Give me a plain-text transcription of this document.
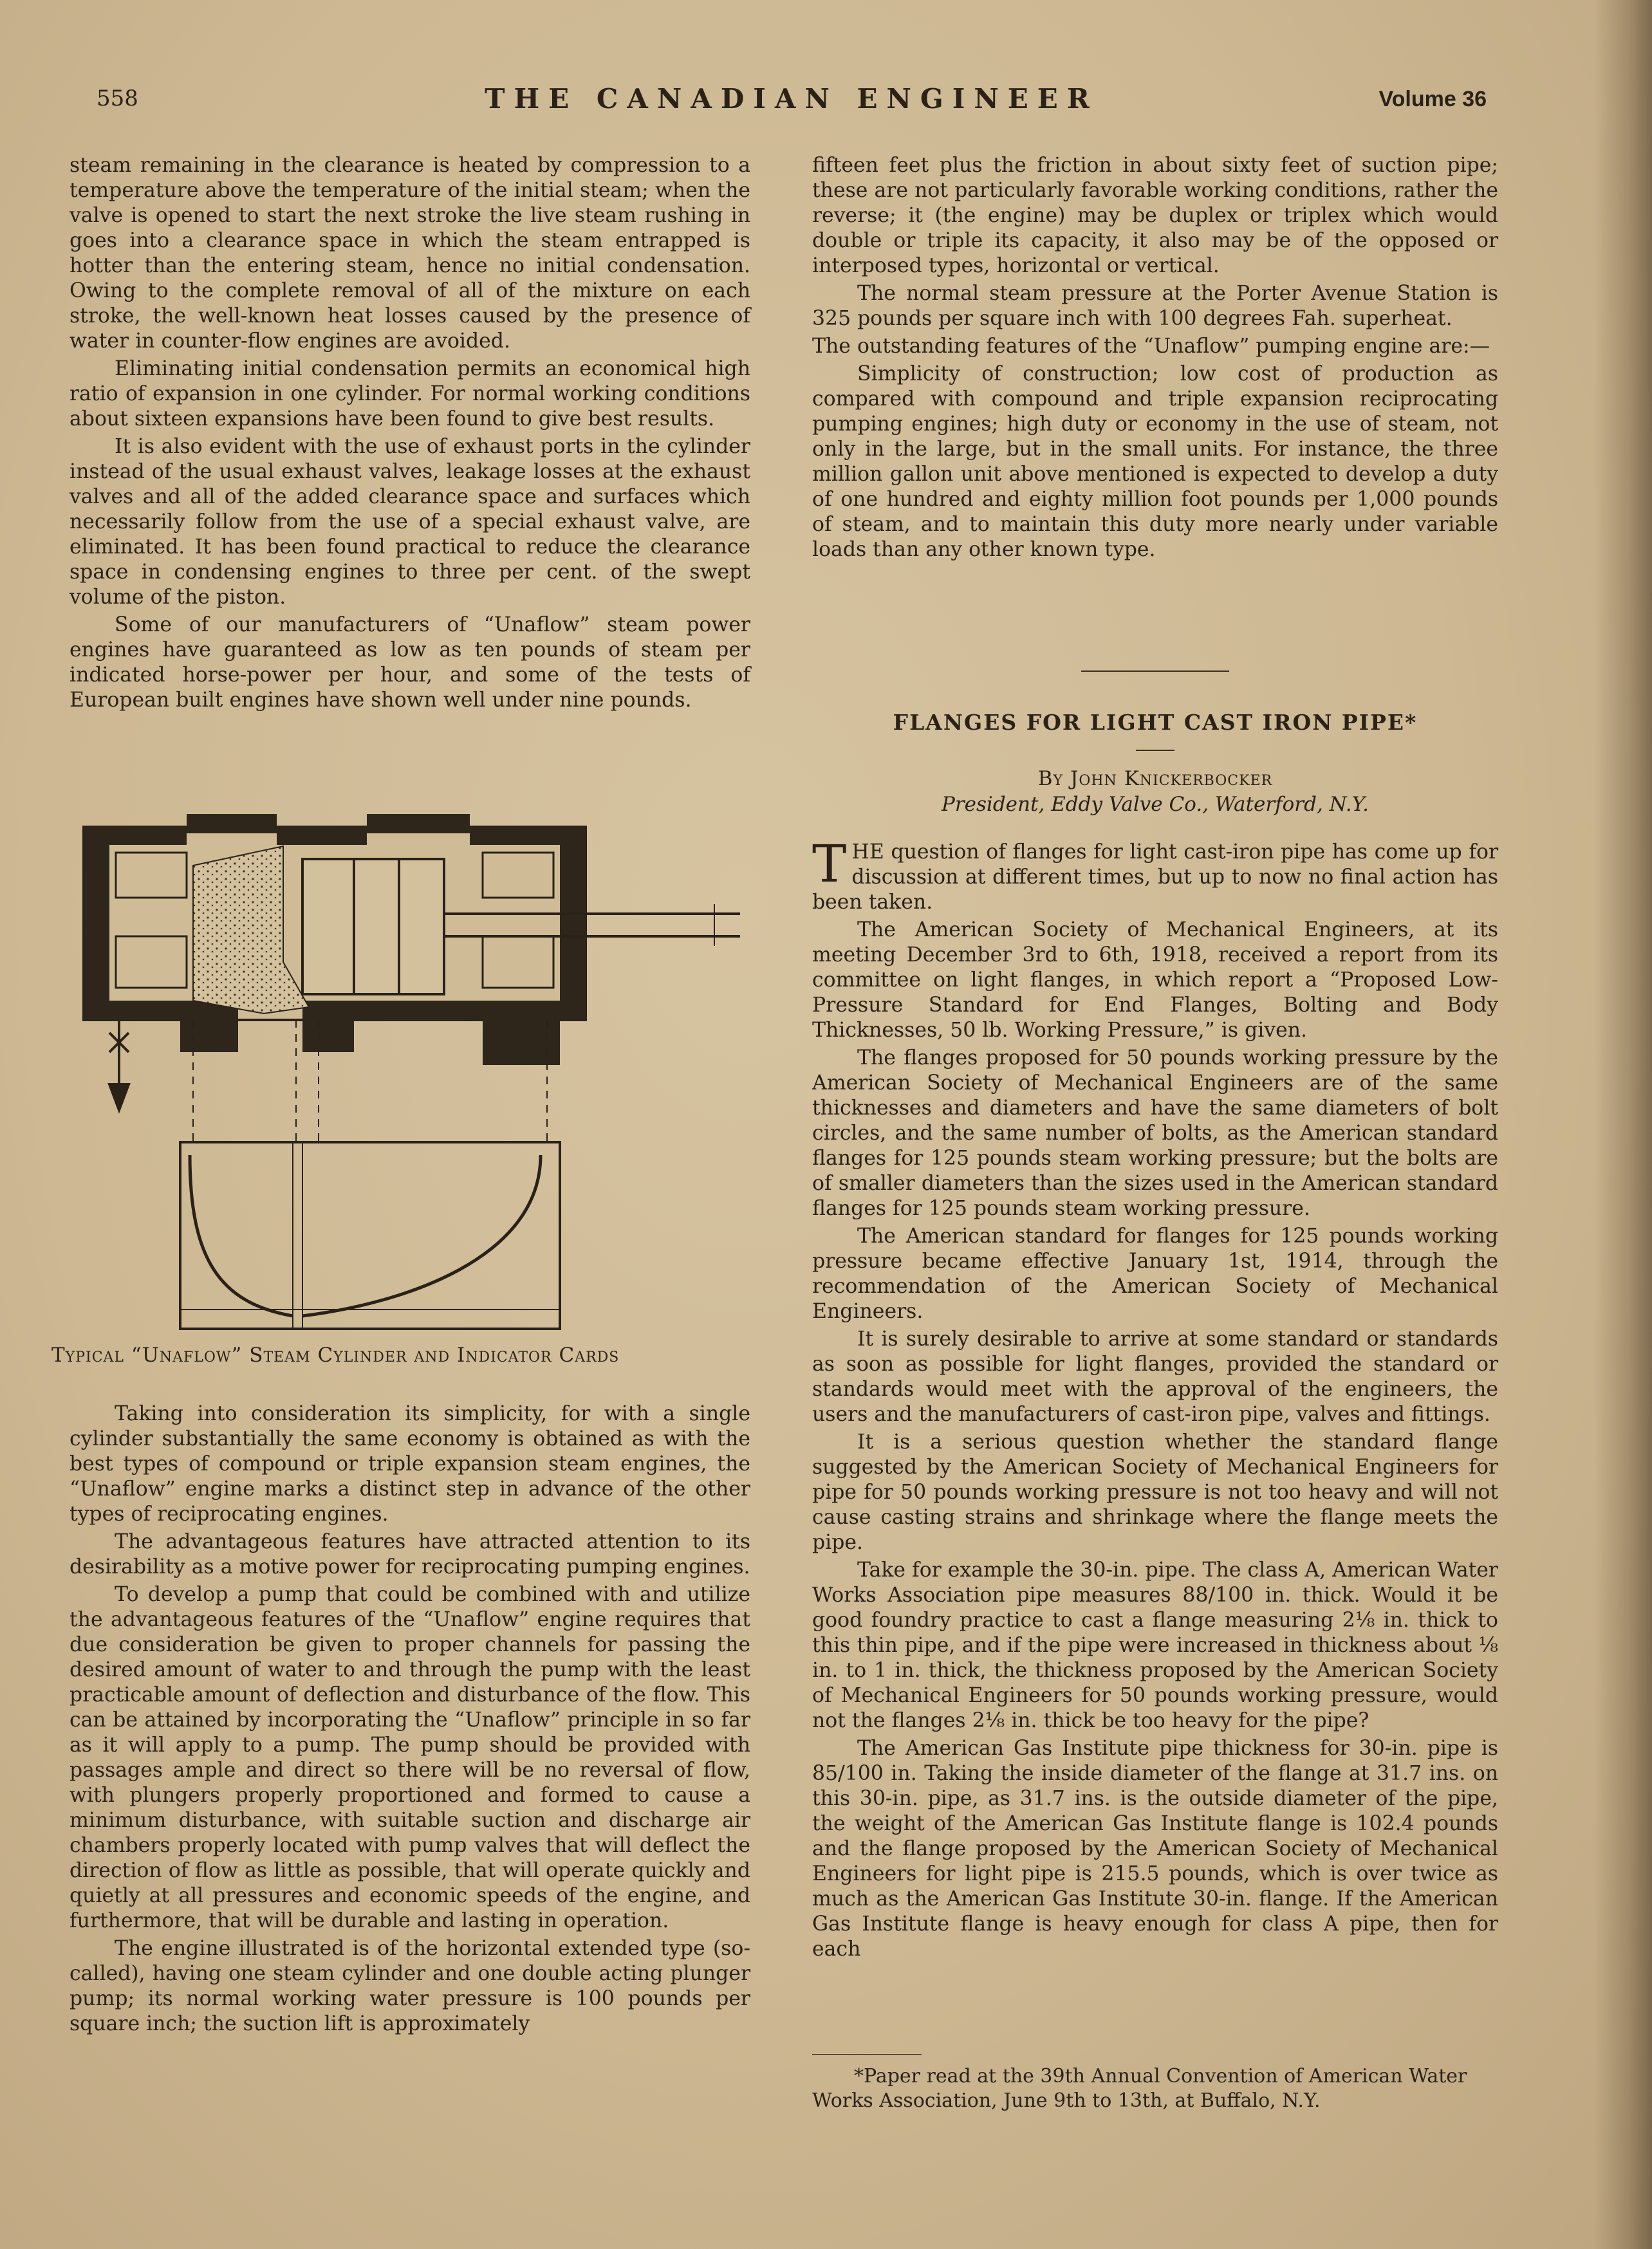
558	THE CANADIAN ENGINEER	Volume 36

steam remaining in the clearance is heated by compression to a temperature above the temperature of the initial steam; when the valve is opened to start the next stroke the live steam rushing in goes into a clearance space in which the steam entrapped is hotter than the entering steam, hence no initial condensation. Owing to the complete removal of all of the mixture on each stroke, the well-known heat losses caused by the presence of water in counter-flow engines are avoided.

Eliminating initial condensation permits an economical high ratio of expansion in one cylinder. For normal working conditions about sixteen expansions have been found to give best results.

It is also evident with the use of exhaust ports in the cylinder instead of the usual exhaust valves, leakage losses at the exhaust valves and all of the added clearance space and surfaces which necessarily follow from the use of a special exhaust valve, are eliminated. It has been found practical to reduce the clearance space in condensing engines to three per cent. of the swept volume of the piston.

Some of our manufacturers of “Unaflow” steam power engines have guaranteed as low as ten pounds of steam per indicated horse-power per hour, and some of the tests of European built engines have shown well under nine pounds.

Typical “Unaflow” Steam Cylinder and Indicator Cards

Taking into consideration its simplicity, for with a single cylinder substantially the same economy is obtained as with the best types of compound or triple expansion steam engines, the “Unaflow” engine marks a distinct step in advance of the other types of reciprocating engines.

The advantageous features have attracted attention to its desirability as a motive power for reciprocating pumping engines.

To develop a pump that could be combined with and utilize the advantageous features of the “Unaflow” engine requires that due consideration be given to proper channels for passing the desired amount of water to and through the pump with the least practicable amount of deflection and disturbance of the flow. This can be attained by incorporating the “Unaflow” principle in so far as it will apply to a pump. The pump should be provided with passages ample and direct so there will be no reversal of flow, with plungers properly proportioned and formed to cause a minimum disturbance, with suitable suction and discharge air chambers properly located with pump valves that will deflect the direction of flow as little as possible, that will operate quickly and quietly at all pressures and economic speeds of the engine, and furthermore, that will be durable and lasting in operation.

The engine illustrated is of the horizontal extended type (so-called), having one steam cylinder and one double acting plunger pump; its normal working water pressure is 100 pounds per square inch; the suction lift is approximately

fifteen feet plus the friction in about sixty feet of suction pipe; these are not particularly favorable working conditions, rather the reverse; it (the engine) may be duplex or triplex which would double or triple its capacity, it also may be of the opposed or interposed types, horizontal or vertical.

The normal steam pressure at the Porter Avenue Station is 325 pounds per square inch with 100 degrees Fah. superheat.

The outstanding features of the “Unaflow” pumping engine are:—

Simplicity of construction; low cost of production as compared with compound and triple expansion reciprocating pumping engines; high duty or economy in the use of steam, not only in the large, but in the small units. For instance, the three million gallon unit above mentioned is expected to develop a duty of one hundred and eighty million foot pounds per 1,000 pounds of steam, and to maintain this duty more nearly under variable loads than any other known type.

FLANGES FOR LIGHT CAST IRON PIPE*
By John Knickerbocker
President, Eddy Valve Co., Waterford, N.Y.

THE question of flanges for light cast-iron pipe has come up for discussion at different times, but up to now no final action has been taken.

The American Society of Mechanical Engineers, at its meeting December 3rd to 6th, 1918, received a report from its committee on light flanges, in which report a “Proposed Low-Pressure Standard for End Flanges, Bolting and Body Thicknesses, 50 lb. Working Pressure,” is given.

The flanges proposed for 50 pounds working pressure by the American Society of Mechanical Engineers are of the same thicknesses and diameters and have the same diameters of bolt circles, and the same number of bolts, as the American standard flanges for 125 pounds steam working pressure; but the bolts are of smaller diameters than the sizes used in the American standard flanges for 125 pounds steam working pressure.

The American standard for flanges for 125 pounds working pressure became effective January 1st, 1914, through the recommendation of the American Society of Mechanical Engineers.

It is surely desirable to arrive at some standard or standards as soon as possible for light flanges, provided the standard or standards would meet with the approval of the engineers, the users and the manufacturers of cast-iron pipe, valves and fittings.

It is a serious question whether the standard flange suggested by the American Society of Mechanical Engineers for pipe for 50 pounds working pressure is not too heavy and will not cause casting strains and shrinkage where the flange meets the pipe.

Take for example the 30-in. pipe. The class A, American Water Works Association pipe measures 88/100 in. thick. Would it be good foundry practice to cast a flange measuring 2⅛ in. thick to this thin pipe, and if the pipe were increased in thickness about ⅛ in. to 1 in. thick, the thickness proposed by the American Society of Mechanical Engineers for 50 pounds working pressure, would not the flanges 2⅛ in. thick be too heavy for the pipe?

The American Gas Institute pipe thickness for 30-in. pipe is 85/100 in. Taking the inside diameter of the flange at 31.7 ins. on this 30-in. pipe, as 31.7 ins. is the outside diameter of the pipe, the weight of the American Gas Institute flange is 102.4 pounds and the flange proposed by the American Society of Mechanical Engineers for light pipe is 215.5 pounds, which is over twice as much as the American Gas Institute 30-in. flange. If the American Gas Institute flange is heavy enough for class A pipe, then for each

*Paper read at the 39th Annual Convention of American Water Works Association, June 9th to 13th, at Buffalo, N.Y.
